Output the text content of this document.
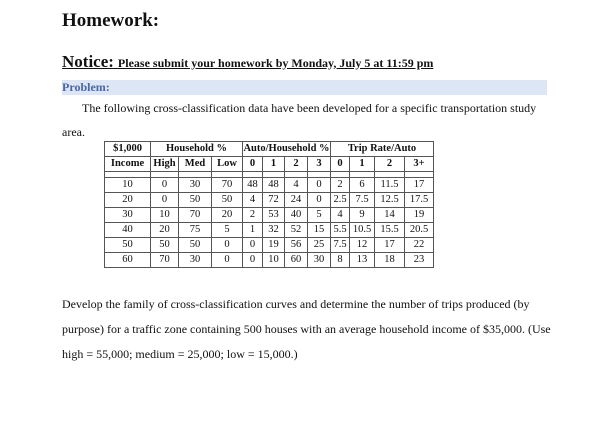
Homework:
Notice: Please submit your homework by Monday, July 5 at 11:59 pm
Problem:
The following cross-classification data have been developed for a specific transportation study area.
$1,000	Household %			Auto/Household %				Trip Rate/Auto			
Income	High	Med	Low	0	1	2	3	0	1	2	3+

10	0	30	70	48	48	4	0	2	6	11.5	17
20	0	50	50	4	72	24	0	2.5	7.5	12.5	17.5
30	10	70	20	2	53	40	5	4	9	14	19
40	20	75	5	1	32	52	15	5.5	10.5	15.5	20.5
50	50	50	0	0	19	56	25	7.5	12	17	22
60	70	30	0	0	10	60	30	8	13	18	23
Develop the family of cross-classification curves and determine the number of trips produced (by purpose) for a traffic zone containing 500 houses with an average household income of $35,000. (Use high = 55,000; medium = 25,000; low = 15,000.)
